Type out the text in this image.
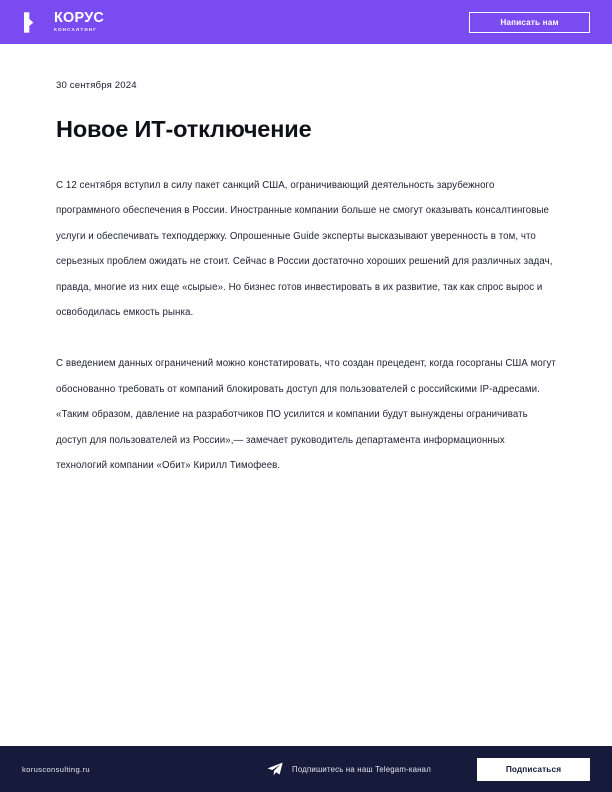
КОРУС
КОНСАЛТИНГ
Написать нам
30 сентября 2024
Новое ИТ-отключение

С 12 сентября вступил в силу пакет санкций США, ограничивающий деятельность зарубежного программного обеспечения в России. Иностранные компании больше не смогут оказывать консалтинговые услуги и обеспечивать техподдержку. Опрошенные Guide эксперты высказывают уверенность в том, что серьезных проблем ожидать не стоит. Сейчас в России достаточно хороших решений для различных задач, правда, многие из них еще «сырые». Но бизнес готов инвестировать в их развитие, так как спрос вырос и освободилась емкость рынка.

С введением данных ограничений можно констатировать, что создан прецедент, когда госорганы США могут обоснованно требовать от компаний блокировать доступ для пользователей с российскими IP-адресами. «Таким образом, давление на разработчиков ПО усилится и компании будут вынуждены ограничивать доступ для пользователей из России»,— замечает руководитель департамента информационных технологий компании «Обит» Кирилл Тимофеев.

korusconsulting.ru	Подпишитесь на наш Telegam-канал	Подписаться
